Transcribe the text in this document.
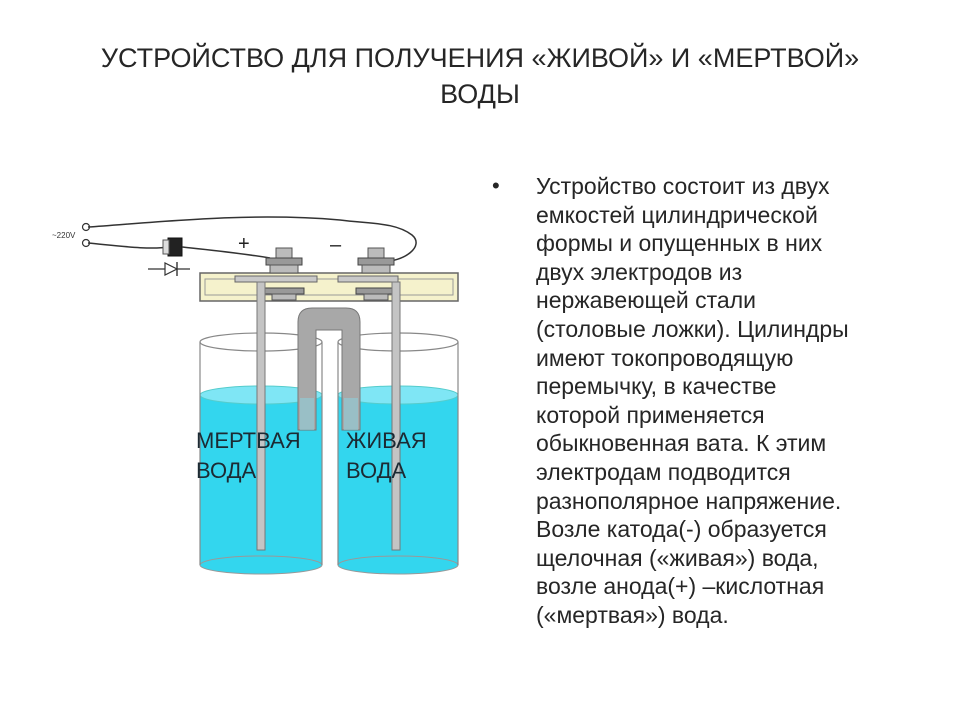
УСТРОЙСТВО ДЛЯ ПОЛУЧЕНИЯ «ЖИВОЙ» И «МЕРТВОЙ»
ВОДЫ
~220V	+	–
МЕРТВАЯ
ВОДА
ЖИВАЯ
ВОДА
• Устройство состоит из двух
емкостей цилиндрической
формы и опущенных в них
двух электродов из
нержавеющей стали
(столовые ложки). Цилиндры
имеют токопроводящую
перемычку, в качестве
которой применяется
обыкновенная вата. К этим
электродам подводится
разнополярное напряжение.
Возле катода(-) образуется
щелочная («живая») вода,
возле анода(+) –кислотная
(«мертвая») вода.
